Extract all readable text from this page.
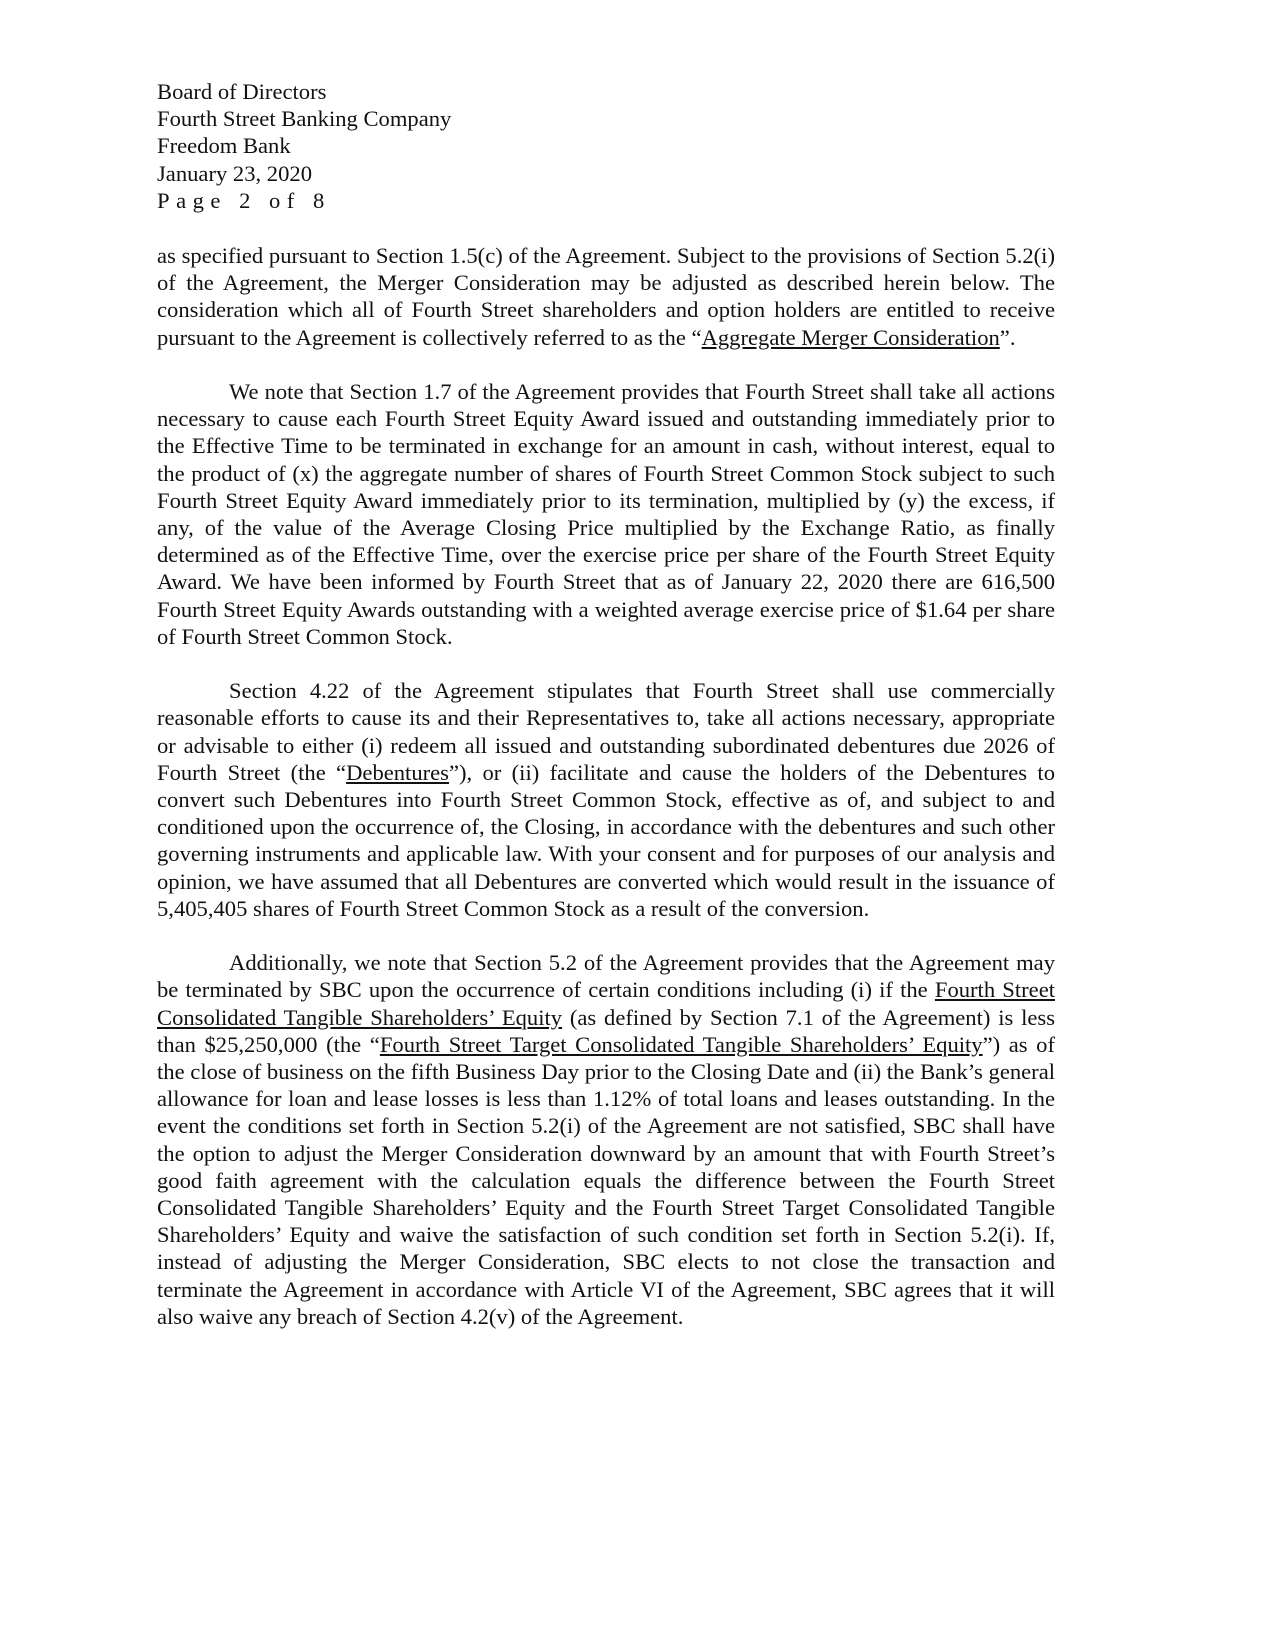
Board of Directors
Fourth Street Banking Company
Freedom Bank
January 23, 2020
Page 2 of 8

as specified pursuant to Section 1.5(c) of the Agreement. Subject to the provisions of Section 5.2(i) of the Agreement, the Merger Consideration may be adjusted as described herein below. The consideration which all of Fourth Street shareholders and option holders are entitled to receive pursuant to the Agreement is collectively referred to as the “Aggregate Merger Consideration”.

We note that Section 1.7 of the Agreement provides that Fourth Street shall take all actions necessary to cause each Fourth Street Equity Award issued and outstanding immediately prior to the Effective Time to be terminated in exchange for an amount in cash, without interest, equal to the product of (x) the aggregate number of shares of Fourth Street Common Stock subject to such Fourth Street Equity Award immediately prior to its termination, multiplied by (y) the excess, if any, of the value of the Average Closing Price multiplied by the Exchange Ratio, as finally determined as of the Effective Time, over the exercise price per share of the Fourth Street Equity Award. We have been informed by Fourth Street that as of January 22, 2020 there are 616,500 Fourth Street Equity Awards outstanding with a weighted average exercise price of $1.64 per share of Fourth Street Common Stock.

Section 4.22 of the Agreement stipulates that Fourth Street shall use commercially reasonable efforts to cause its and their Representatives to, take all actions necessary, appropriate or advisable to either (i) redeem all issued and outstanding subordinated debentures due 2026 of Fourth Street (the “Debentures”), or (ii) facilitate and cause the holders of the Debentures to convert such Debentures into Fourth Street Common Stock, effective as of, and subject to and conditioned upon the occurrence of, the Closing, in accordance with the debentures and such other governing instruments and applicable law. With your consent and for purposes of our analysis and opinion, we have assumed that all Debentures are converted which would result in the issuance of 5,405,405 shares of Fourth Street Common Stock as a result of the conversion.

Additionally, we note that Section 5.2 of the Agreement provides that the Agreement may be terminated by SBC upon the occurrence of certain conditions including (i) if the Fourth Street Consolidated Tangible Shareholders’ Equity (as defined by Section 7.1 of the Agreement) is less than $25,250,000 (the “Fourth Street Target Consolidated Tangible Shareholders’ Equity”) as of the close of business on the fifth Business Day prior to the Closing Date and (ii) the Bank’s general allowance for loan and lease losses is less than 1.12% of total loans and leases outstanding. In the event the conditions set forth in Section 5.2(i) of the Agreement are not satisfied, SBC shall have the option to adjust the Merger Consideration downward by an amount that with Fourth Street’s good faith agreement with the calculation equals the difference between the Fourth Street Consolidated Tangible Shareholders’ Equity and the Fourth Street Target Consolidated Tangible Shareholders’ Equity and waive the satisfaction of such condition set forth in Section 5.2(i). If, instead of adjusting the Merger Consideration, SBC elects to not close the transaction and terminate the Agreement in accordance with Article VI of the Agreement, SBC agrees that it will also waive any breach of Section 4.2(v) of the Agreement.
